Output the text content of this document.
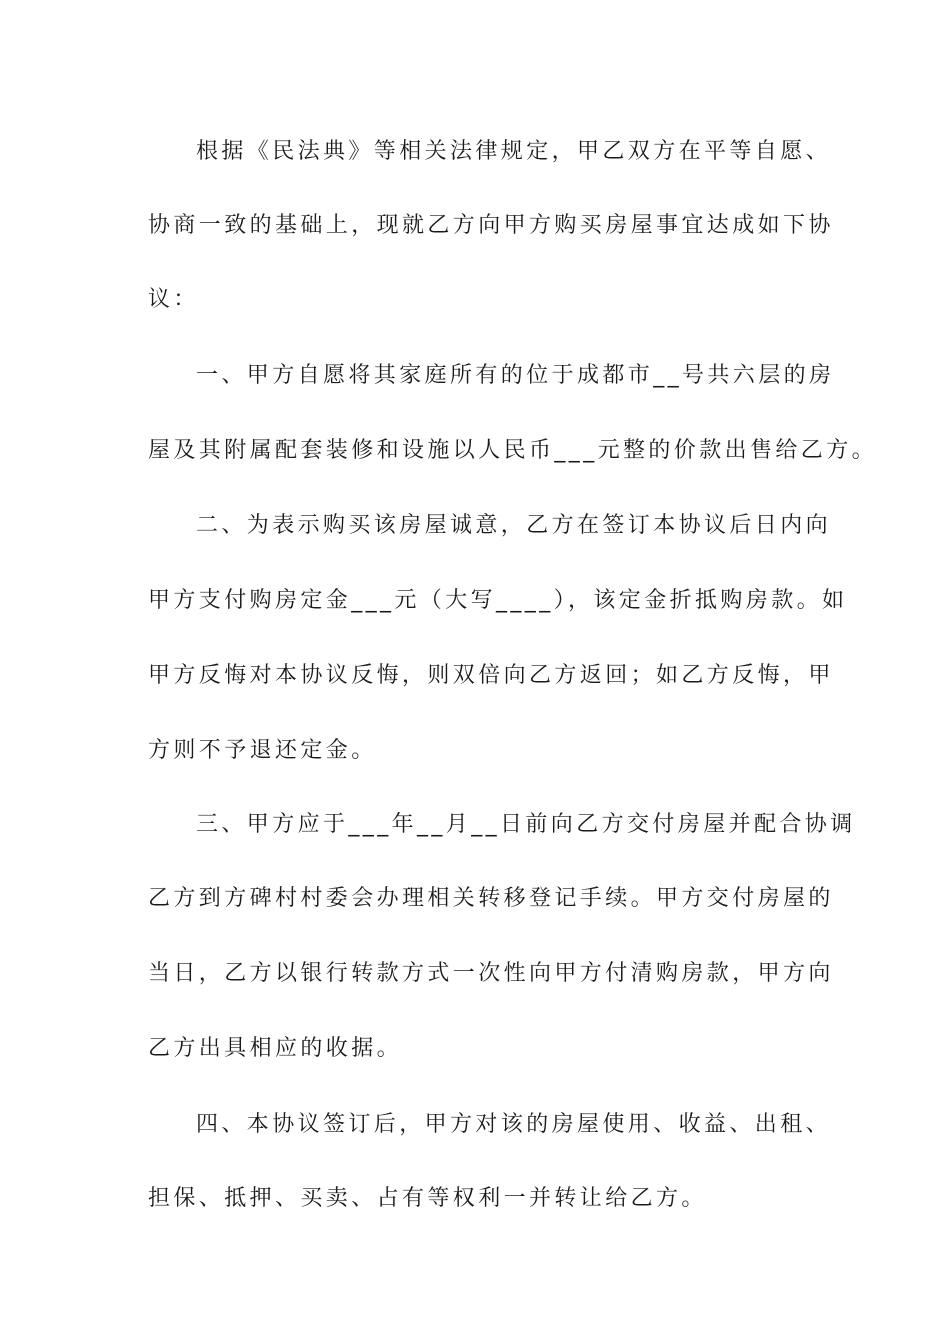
根据《民法典》等相关法律规定，甲乙双方在平等自愿、
协商一致的基础上，现就乙方向甲方购买房屋事宜达成如下协
议：
一、甲方自愿将其家庭所有的位于成都市__号共六层的房
屋及其附属配套装修和设施以人民币___元整的价款出售给乙方。
二、为表示购买该房屋诚意，乙方在签订本协议后日内向
甲方支付购房定金___元（大写____），该定金折抵购房款。如
甲方反悔对本协议反悔，则双倍向乙方返回；如乙方反悔，甲
方则不予退还定金。
三、甲方应于___年__月__日前向乙方交付房屋并配合协调
乙方到方碑村村委会办理相关转移登记手续。甲方交付房屋的
当日，乙方以银行转款方式一次性向甲方付清购房款，甲方向
乙方出具相应的收据。
四、本协议签订后，甲方对该的房屋使用、收益、出租、
担保、抵押、买卖、占有等权利一并转让给乙方。
